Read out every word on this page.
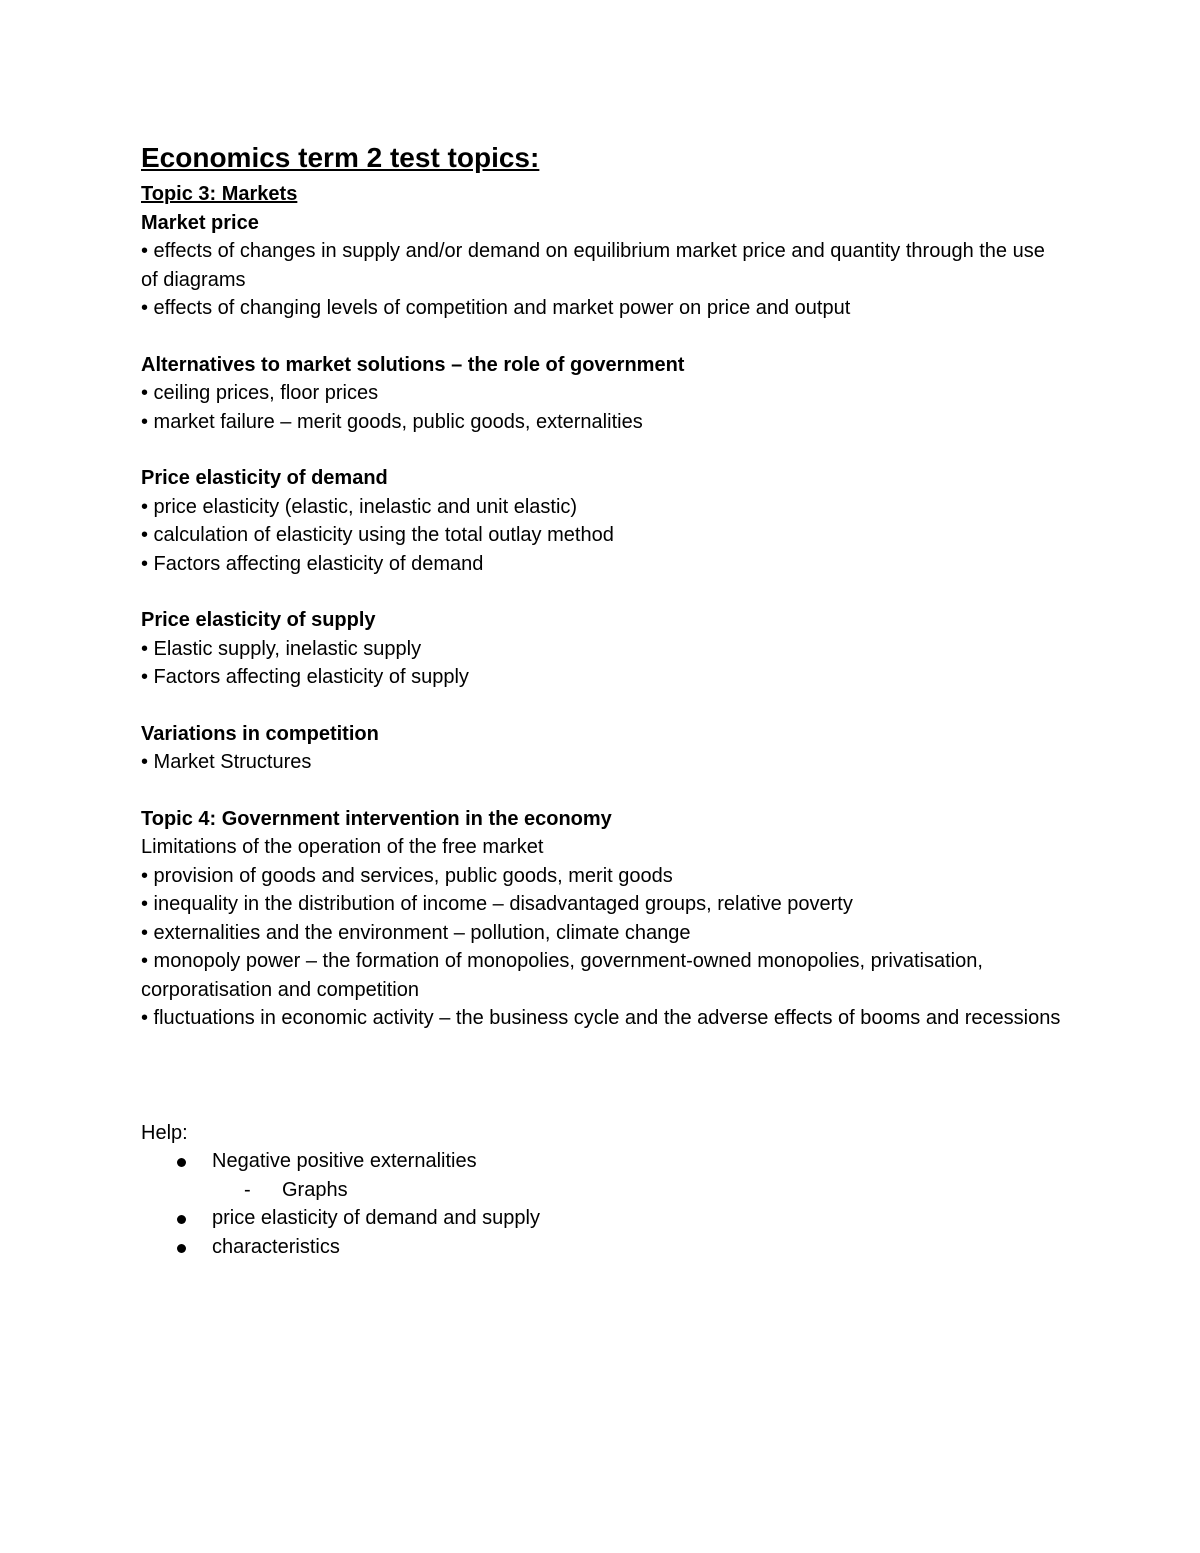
Economics term 2 test topics:
Topic 3: Markets
Market price
• effects of changes in supply and/or demand on equilibrium market price and quantity through the use of diagrams
• effects of changing levels of competition and market power on price and output
Alternatives to market solutions – the role of government
• ceiling prices, floor prices
• market failure – merit goods, public goods, externalities
Price elasticity of demand
• price elasticity (elastic, inelastic and unit elastic)
• calculation of elasticity using the total outlay method
• Factors affecting elasticity of demand
Price elasticity of supply
• Elastic supply, inelastic supply
• Factors affecting elasticity of supply
Variations in competition
• Market Structures
Topic 4: Government intervention in the economy
Limitations of the operation of the free market
• provision of goods and services, public goods, merit goods
• inequality in the distribution of income – disadvantaged groups, relative poverty
• externalities and the environment – pollution, climate change
• monopoly power – the formation of monopolies, government-owned monopolies, privatisation, corporatisation and competition
• fluctuations in economic activity – the business cycle and the adverse effects of booms and recessions
Help:
Negative positive externalities
- Graphs
price elasticity of demand and supply
characteristics
